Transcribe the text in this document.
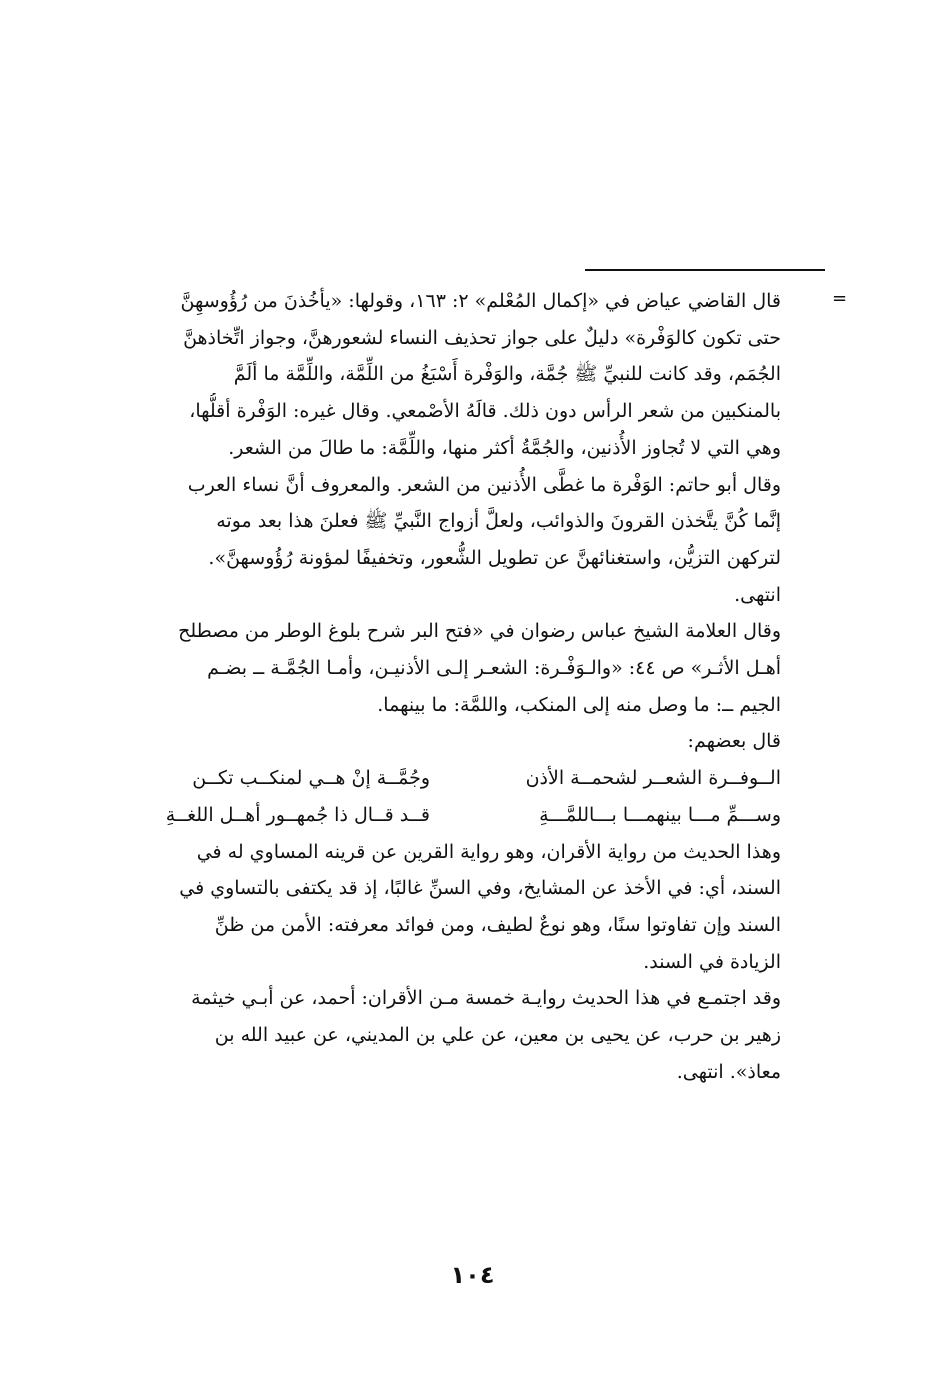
=
قال القاضي عياض في «إكمال المُعْلم» ٢: ١٦٣، وقولها: «يأخُذنَ من رُؤُوسهِنَّ
حتى تكون كالوَفْرة» دليلٌ على جواز تحذيف النساء لشعورهنَّ، وجواز اتِّخاذهنَّ
الجُمَم، وقد كانت للنبيِّ ﷺ جُمَّة، والوَفْرة أَسْبَغُ من اللِّمَّة، واللِّمَّة ما ألَمَّ
بالمنكبين من شعر الرأس دون ذلك. قالَهُ الأصْمعي. وقال غيره: الوَفْرة أقلُّها،
وهي التي لا تُجاوز الأُذنين، والجُمَّةُ أكثر منها، واللِّمَّة: ما طالَ من الشعر.
وقال أبو حاتم: الوَفْرة ما غطَّى الأُذنين من الشعر. والمعروف أنَّ نساء العرب
إنَّما كُنَّ يتَّخذن القرونَ والذوائب، ولعلَّ أزواج النَّبيِّ ﷺ فعلنَ هذا بعد موته
لتركهن التزيُّن، واستغنائهنَّ عن تطويل الشُّعور، وتخفيفًا لمؤونة رُؤُوسهنَّ».
انتهى.
وقال العلامة الشيخ عباس رضوان في «فتح البر شرح بلوغ الوطر من مصطلح
أهـل الأثـر» ص ٤٤: «والـوَفْـرة: الشعـر إلـى الأذنيـن، وأمـا الجُمَّـة ــ بضـم
الجيم ــ: ما وصل منه إلى المنكب، واللمَّة: ما بينهما.
قال بعضهم:
الــوفــرة الشعــر لشحمــة الأذن
وجُمَّــة إنْ هــي لمنكــب تكــن
وســـمِّ مـــا بينهمـــا بـــاللمَّـــةِ
قــد قــال ذا جُمهــور أهــل اللغــةِ
وهذا الحديث من رواية الأقران، وهو رواية القرين عن قرينه المساوي له في
السند، أي: في الأخذ عن المشايخ، وفي السنِّ غالبًا، إذ قد يكتفى بالتساوي في
السند وإن تفاوتوا سنًا، وهو نوعٌ لطيف، ومن فوائد معرفته: الأمن من ظنِّ
الزيادة في السند.
وقد اجتمـع في هذا الحديث روايـة خمسة مـن الأقران: أحمد، عن أبـي خيثمة
زهير بن حرب، عن يحيى بن معين، عن علي بن المديني، عن عبيد الله بن
معاذ». انتهى.
١٠٤
